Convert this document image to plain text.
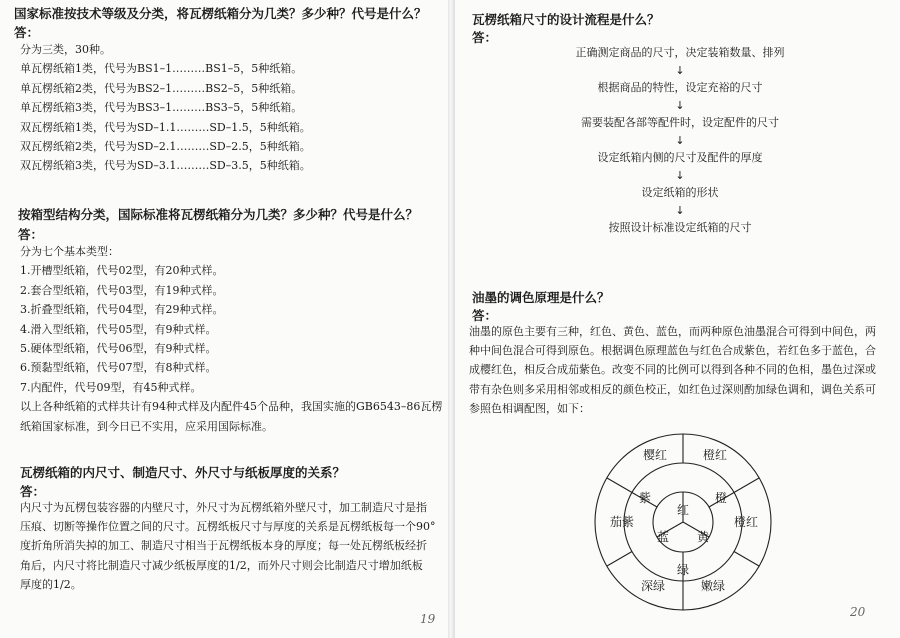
国家标准按技术等级及分类，将瓦楞纸箱分为几类？多少种？代号是什么？
答：
分为三类，30种。
单瓦楞纸箱1类，代号为BS1–1………BS1–5，5种纸箱。
单瓦楞纸箱2类，代号为BS2–1………BS2–5，5种纸箱。
单瓦楞纸箱3类，代号为BS3–1………BS3–5，5种纸箱。
双瓦楞纸箱1类，代号为SD–1.1………SD–1.5，5种纸箱。
双瓦楞纸箱2类，代号为SD–2.1………SD–2.5，5种纸箱。
双瓦楞纸箱3类，代号为SD–3.1………SD–3.5，5种纸箱。
按箱型结构分类，国际标准将瓦楞纸箱分为几类？多少种？代号是什么？
答：
分为七个基本类型：
1.开槽型纸箱，代号02型，有20种式样。
2.套合型纸箱，代号03型，有19种式样。
3.折叠型纸箱，代号04型，有29种式样。
4.滑入型纸箱，代号05型，有9种式样。
5.硬体型纸箱，代号06型，有9种式样。
6.预黏型纸箱，代号07型，有8种式样。
7.内配件，代号09型，有45种式样。
以上各种纸箱的式样共计有94种式样及内配件45个品种，我国实施的GB6543–86瓦楞
纸箱国家标准，到今日已不实用，应采用国际标准。
瓦楞纸箱的内尺寸、制造尺寸、外尺寸与纸板厚度的关系？
答：
内尺寸为瓦楞包装容器的内壁尺寸，外尺寸为瓦楞纸箱外壁尺寸，加工制造尺寸是指
压痕、切断等操作位置之间的尺寸。瓦楞纸板尺寸与厚度的关系是瓦楞纸板每一个90°
度折角所消失掉的加工、制造尺寸相当于瓦楞纸板本身的厚度；每一处瓦楞纸板经折
角后，内尺寸将比制造尺寸减少纸板厚度的1/2，而外尺寸则会比制造尺寸增加纸板
厚度的1/2。
19
瓦楞纸箱尺寸的设计流程是什么？
答：
正确测定商品的尺寸，决定装箱数量、排列
↓
根据商品的特性，设定充裕的尺寸
↓
需要装配各部等配件时，设定配件的尺寸
↓
设定纸箱内侧的尺寸及配件的厚度
↓
设定纸箱的形状
↓
按照设计标准设定纸箱的尺寸
油墨的调色原理是什么？
答：
油墨的原色主要有三种，红色、黄色、蓝色，而两种原色油墨混合可得到中间色，两
种中间色混合可得到原色。根据调色原理蓝色与红色合成紫色，若红色多于蓝色，合
成樱红色，相反合成茄紫色。改变不同的比例可以得到各种不同的色相，墨色过深或
带有杂色则多采用相邻或相反的颜色校正，如红色过深则酌加绿色调和，调色关系可
参照色相调配图，如下：
红
蓝 黄
紫	橙
绿
樱红	橙红
橙红
嫩绿
深绿
茄紫
20
